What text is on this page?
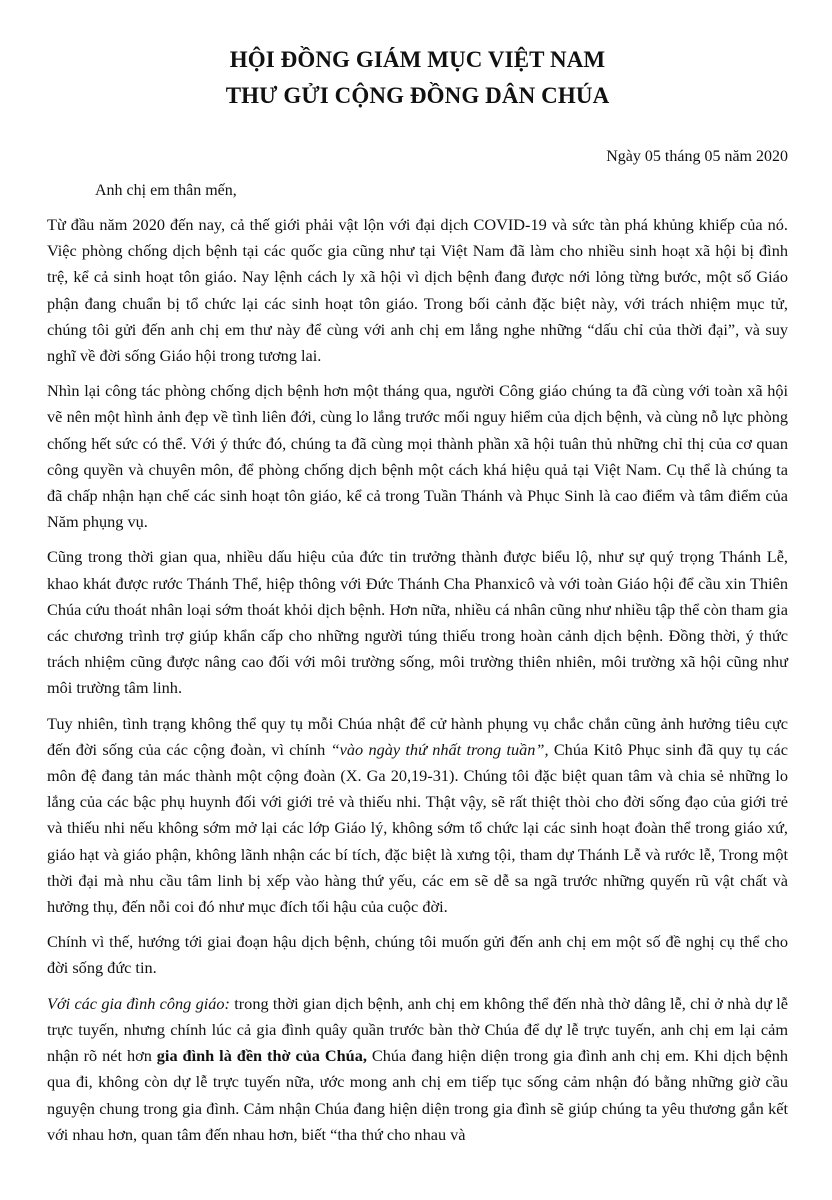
HỘI ĐỒNG GIÁM MỤC VIỆT NAM
THƯ GỬI CỘNG ĐỒNG DÂN CHÚA

Ngày 05 tháng 05 năm 2020

Anh chị em thân mến,

Từ đầu năm 2020 đến nay, cả thế giới phải vật lộn với đại dịch COVID-19 và sức tàn phá khủng khiếp của nó. Việc phòng chống dịch bệnh tại các quốc gia cũng như tại Việt Nam đã làm cho nhiều sinh hoạt xã hội bị đình trệ, kể cả sinh hoạt tôn giáo. Nay lệnh cách ly xã hội vì dịch bệnh đang được nới lỏng từng bước, một số Giáo phận đang chuẩn bị tổ chức lại các sinh hoạt tôn giáo. Trong bối cảnh đặc biệt này, với trách nhiệm mục tử, chúng tôi gửi đến anh chị em thư này để cùng với anh chị em lắng nghe những “dấu chỉ của thời đại”, và suy nghĩ về đời sống Giáo hội trong tương lai.

Nhìn lại công tác phòng chống dịch bệnh hơn một tháng qua, người Công giáo chúng ta đã cùng với toàn xã hội vẽ nên một hình ảnh đẹp về tình liên đới, cùng lo lắng trước mối nguy hiểm của dịch bệnh, và cùng nỗ lực phòng chống hết sức có thể. Với ý thức đó, chúng ta đã cùng mọi thành phần xã hội tuân thủ những chỉ thị của cơ quan công quyền và chuyên môn, để phòng chống dịch bệnh một cách khá hiệu quả tại Việt Nam. Cụ thể là chúng ta đã chấp nhận hạn chế các sinh hoạt tôn giáo, kể cả trong Tuần Thánh và Phục Sinh là cao điểm và tâm điểm của Năm phụng vụ.

Cũng trong thời gian qua, nhiều dấu hiệu của đức tin trưởng thành được biểu lộ, như sự quý trọng Thánh Lễ, khao khát được rước Thánh Thể, hiệp thông với Đức Thánh Cha Phanxicô và với toàn Giáo hội để cầu xin Thiên Chúa cứu thoát nhân loại sớm thoát khỏi dịch bệnh. Hơn nữa, nhiều cá nhân cũng như nhiều tập thể còn tham gia các chương trình trợ giúp khẩn cấp cho những người túng thiếu trong hoàn cảnh dịch bệnh. Đồng thời, ý thức trách nhiệm cũng được nâng cao đối với môi trường sống, môi trường thiên nhiên, môi trường xã hội cũng như môi trường tâm linh.

Tuy nhiên, tình trạng không thể quy tụ mỗi Chúa nhật để cử hành phụng vụ chắc chắn cũng ảnh hưởng tiêu cực đến đời sống của các cộng đoàn, vì chính “vào ngày thứ nhất trong tuần”, Chúa Kitô Phục sinh đã quy tụ các môn đệ đang tản mác thành một cộng đoàn (X. Ga 20,19-31). Chúng tôi đặc biệt quan tâm và chia sẻ những lo lắng của các bậc phụ huynh đối với giới trẻ và thiếu nhi. Thật vậy, sẽ rất thiệt thòi cho đời sống đạo của giới trẻ và thiếu nhi nếu không sớm mở lại các lớp Giáo lý, không sớm tổ chức lại các sinh hoạt đoàn thể trong giáo xứ, giáo hạt và giáo phận, không lãnh nhận các bí tích, đặc biệt là xưng tội, tham dự Thánh Lễ và rước lễ, Trong một thời đại mà nhu cầu tâm linh bị xếp vào hàng thứ yếu, các em sẽ dễ sa ngã trước những quyến rũ vật chất và hưởng thụ, đến nỗi coi đó như mục đích tối hậu của cuộc đời.

Chính vì thế, hướng tới giai đoạn hậu dịch bệnh, chúng tôi muốn gửi đến anh chị em một số đề nghị cụ thể cho đời sống đức tin.

Với các gia đình công giáo: trong thời gian dịch bệnh, anh chị em không thể đến nhà thờ dâng lễ, chỉ ở nhà dự lễ trực tuyến, nhưng chính lúc cả gia đình quây quần trước bàn thờ Chúa để dự lễ trực tuyến, anh chị em lại cảm nhận rõ nét hơn gia đình là đền thờ của Chúa, Chúa đang hiện diện trong gia đình anh chị em. Khi dịch bệnh qua đi, không còn dự lễ trực tuyến nữa, ước mong anh chị em tiếp tục sống cảm nhận đó bằng những giờ cầu nguyện chung trong gia đình. Cảm nhận Chúa đang hiện diện trong gia đình sẽ giúp chúng ta yêu thương gắn kết với nhau hơn, quan tâm đến nhau hơn, biết “tha thứ cho nhau và
